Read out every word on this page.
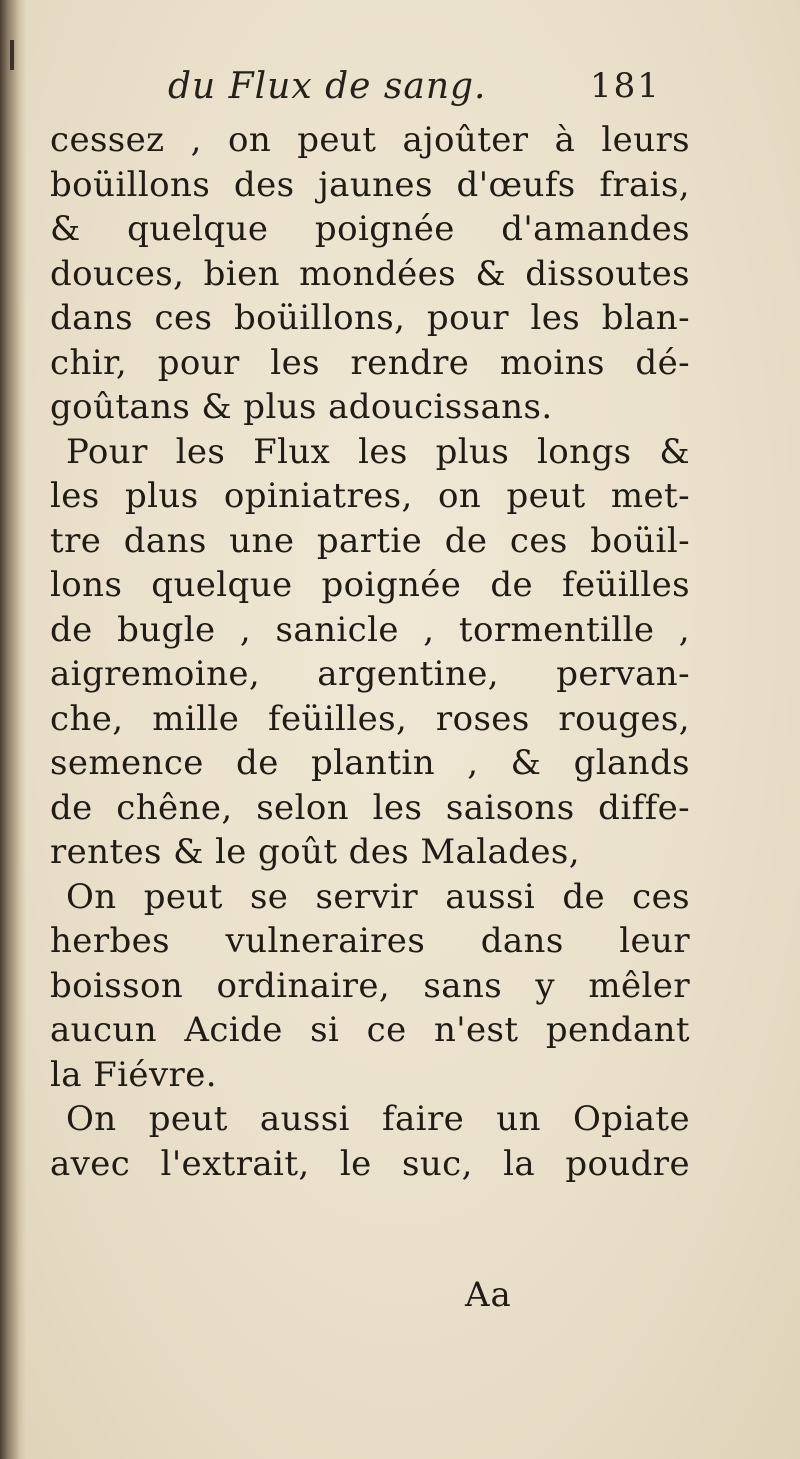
du Flux de sang.	181
cessez , on peut ajoûter à leurs
boüillons des jaunes d'œufs frais,
& quelque poignée d'amandes
douces, bien mondées & dissoutes
dans ces boüillons, pour les blan-
chir, pour les rendre moins dé-
goûtans & plus adoucissans.
Pour les Flux les plus longs &
les plus opiniatres, on peut met-
tre dans une partie de ces boüil-
lons quelque poignée de feüilles
de bugle , sanicle , tormentille ,
aigremoine, argentine, pervan-
che, mille feüilles, roses rouges,
semence de plantin , & glands
de chêne, selon les saisons diffe-
rentes & le goût des Malades,
On peut se servir aussi de ces
herbes vulneraires dans leur
boisson ordinaire, sans y mêler
aucun Acide si ce n'est pendant
la Fiévre.
On peut aussi faire un Opiate
avec l'extrait, le suc, la poudre
Aa
